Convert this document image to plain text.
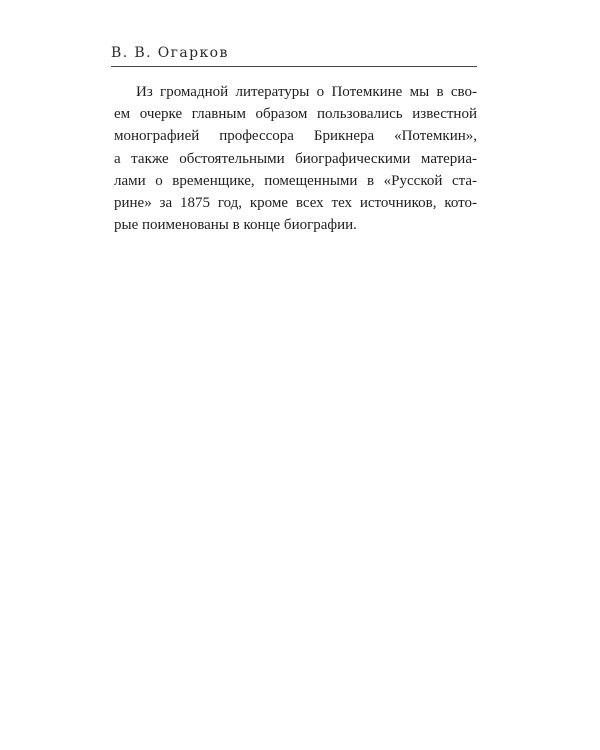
В. В. Огарков
Из громадной литературы о Потемкине мы в сво-
ем очерке главным образом пользовались известной
монографией профессора Брикнера «Потемкин»,
а также обстоятельными биографическими материа-
лами о временщике, помещенными в «Русской ста-
рине» за 1875 год, кроме всех тех источников, кото-
рые поименованы в конце биографии.
